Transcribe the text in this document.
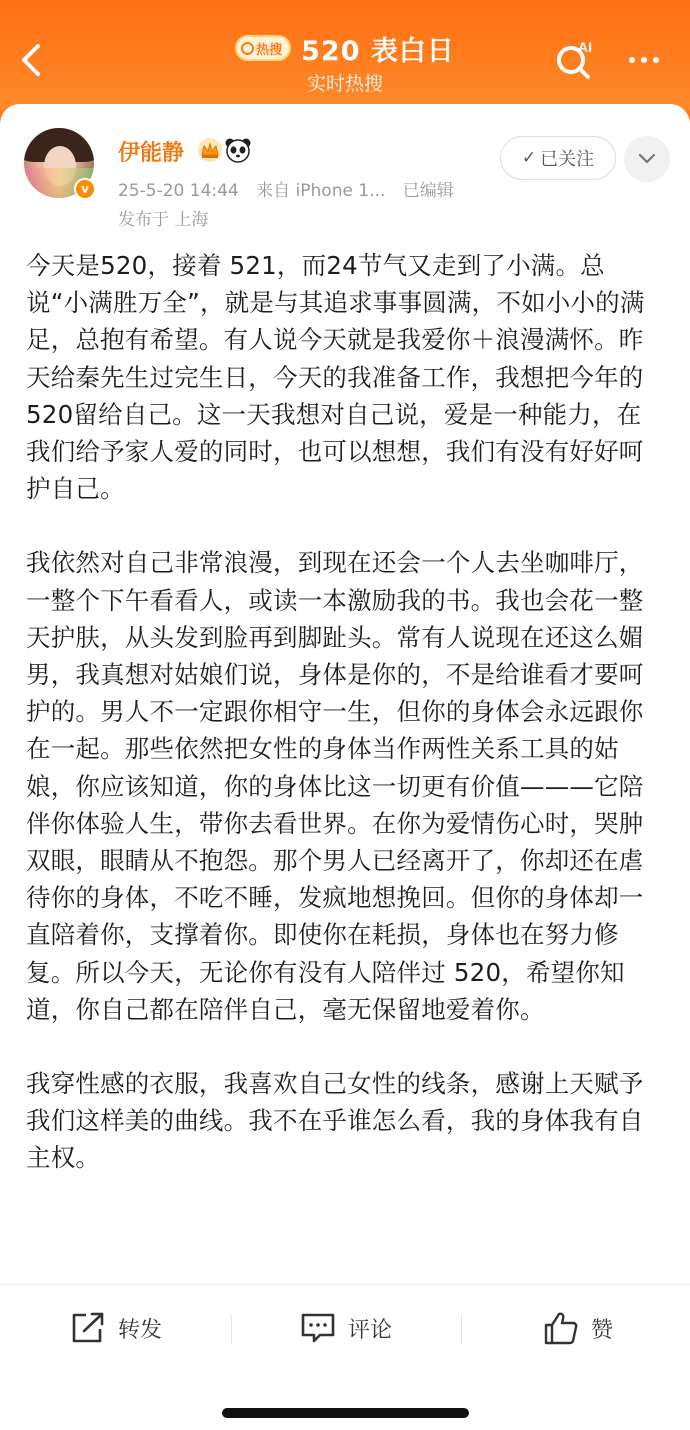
热搜 520 表白日
实时热搜
AI
v
伊能静
25-5-20 14:44 来自 iPhone 1... 已编辑
发布于 上海
✓ 已关注

今天是520，接着 521，而24节气又走到了小满。总说“小满胜万全”，就是与其追求事事圆满，不如小小的满足，总抱有希望。有人说今天就是我爱你＋浪漫满怀。昨天给秦先生过完生日，今天的我准备工作，我想把今年的520留给自己。这一天我想对自己说，爱是一种能力，在我们给予家人爱的同时，也可以想想，我们有没有好好呵护自己。

我依然对自己非常浪漫，到现在还会一个人去坐咖啡厅，一整个下午看看人，或读一本激励我的书。我也会花一整天护肤，从头发到脸再到脚趾头。常有人说现在还这么媚男，我真想对姑娘们说，身体是你的，不是给谁看才要呵护的。男人不一定跟你相守一生，但你的身体会永远跟你在一起。那些依然把女性的身体当作两性关系工具的姑娘，你应该知道，你的身体比这一切更有价值———它陪伴你体验人生，带你去看世界。在你为爱情伤心时，哭肿双眼，眼睛从不抱怨。那个男人已经离开了，你却还在虐待你的身体，不吃不睡，发疯地想挽回。但你的身体却一直陪着你，支撑着你。即使你在耗损，身体也在努力修复。所以今天，无论你有没有人陪伴过 520，希望你知道，你自己都在陪伴自己，毫无保留地爱着你。

我穿性感的衣服，我喜欢自己女性的线条，感谢上天赋予我们这样美的曲线。我不在乎谁怎么看，我的身体我有自主权。

转发	评论	赞
